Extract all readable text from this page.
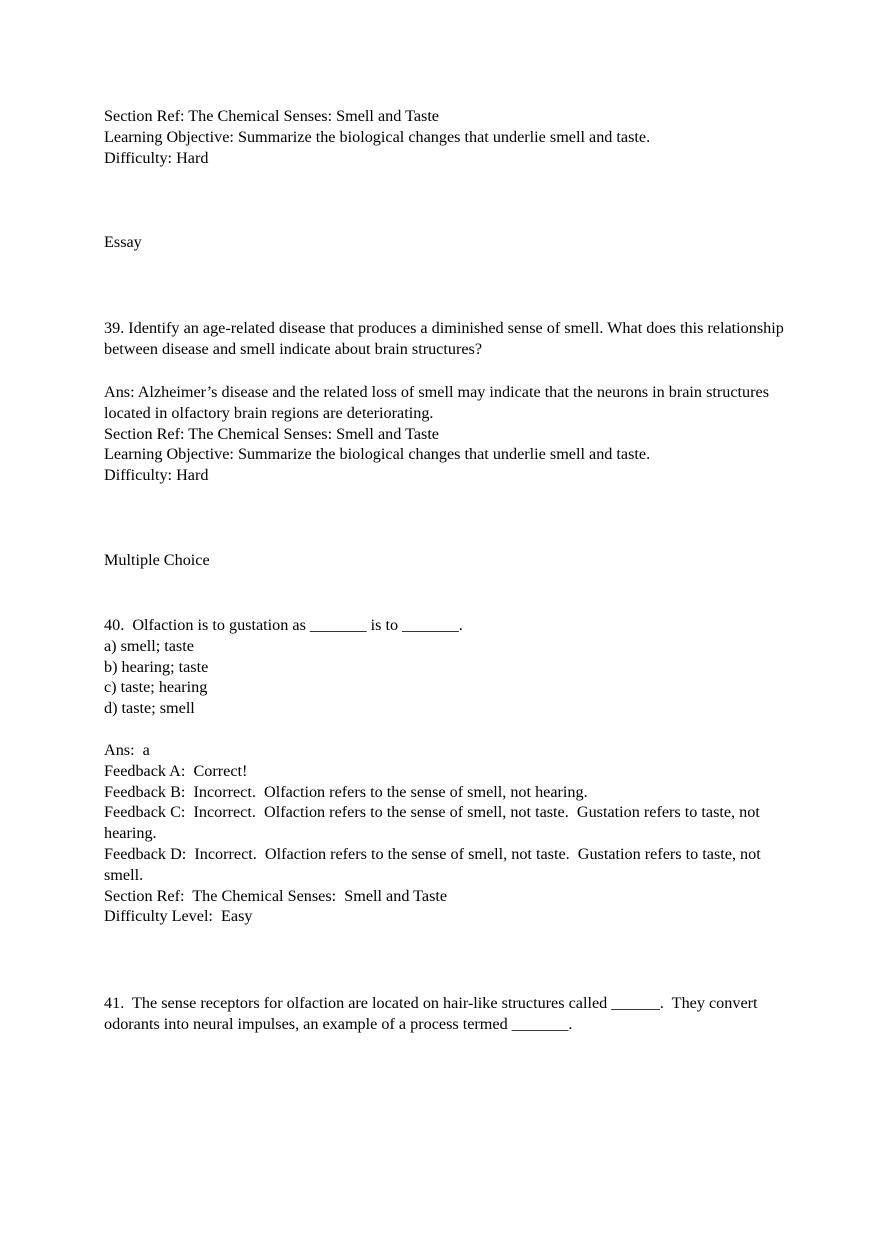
Section Ref: The Chemical Senses: Smell and Taste

Learning Objective: Summarize the biological changes that underlie smell and taste.

Difficulty: Hard

Essay

39. Identify an age-related disease that produces a diminished sense of smell. What does this relationship between disease and smell indicate about brain structures?

Ans: Alzheimer’s disease and the related loss of smell may indicate that the neurons in brain structures located in olfactory brain regions are deteriorating.

Section Ref: The Chemical Senses: Smell and Taste

Learning Objective: Summarize the biological changes that underlie smell and taste.

Difficulty: Hard

Multiple Choice

40.  Olfaction is to gustation as _______ is to _______.

a) smell; taste

b) hearing; taste

c) taste; hearing

d) taste; smell

Ans:  a

Feedback A:  Correct!

Feedback B:  Incorrect.  Olfaction refers to the sense of smell, not hearing.

Feedback C:  Incorrect.  Olfaction refers to the sense of smell, not taste.  Gustation refers to taste, not hearing.

Feedback D:  Incorrect.  Olfaction refers to the sense of smell, not taste.  Gustation refers to taste, not smell.

Section Ref:  The Chemical Senses:  Smell and Taste

Difficulty Level:  Easy

41.  The sense receptors for olfaction are located on hair-like structures called ______.  They convert odorants into neural impulses, an example of a process termed _______.
